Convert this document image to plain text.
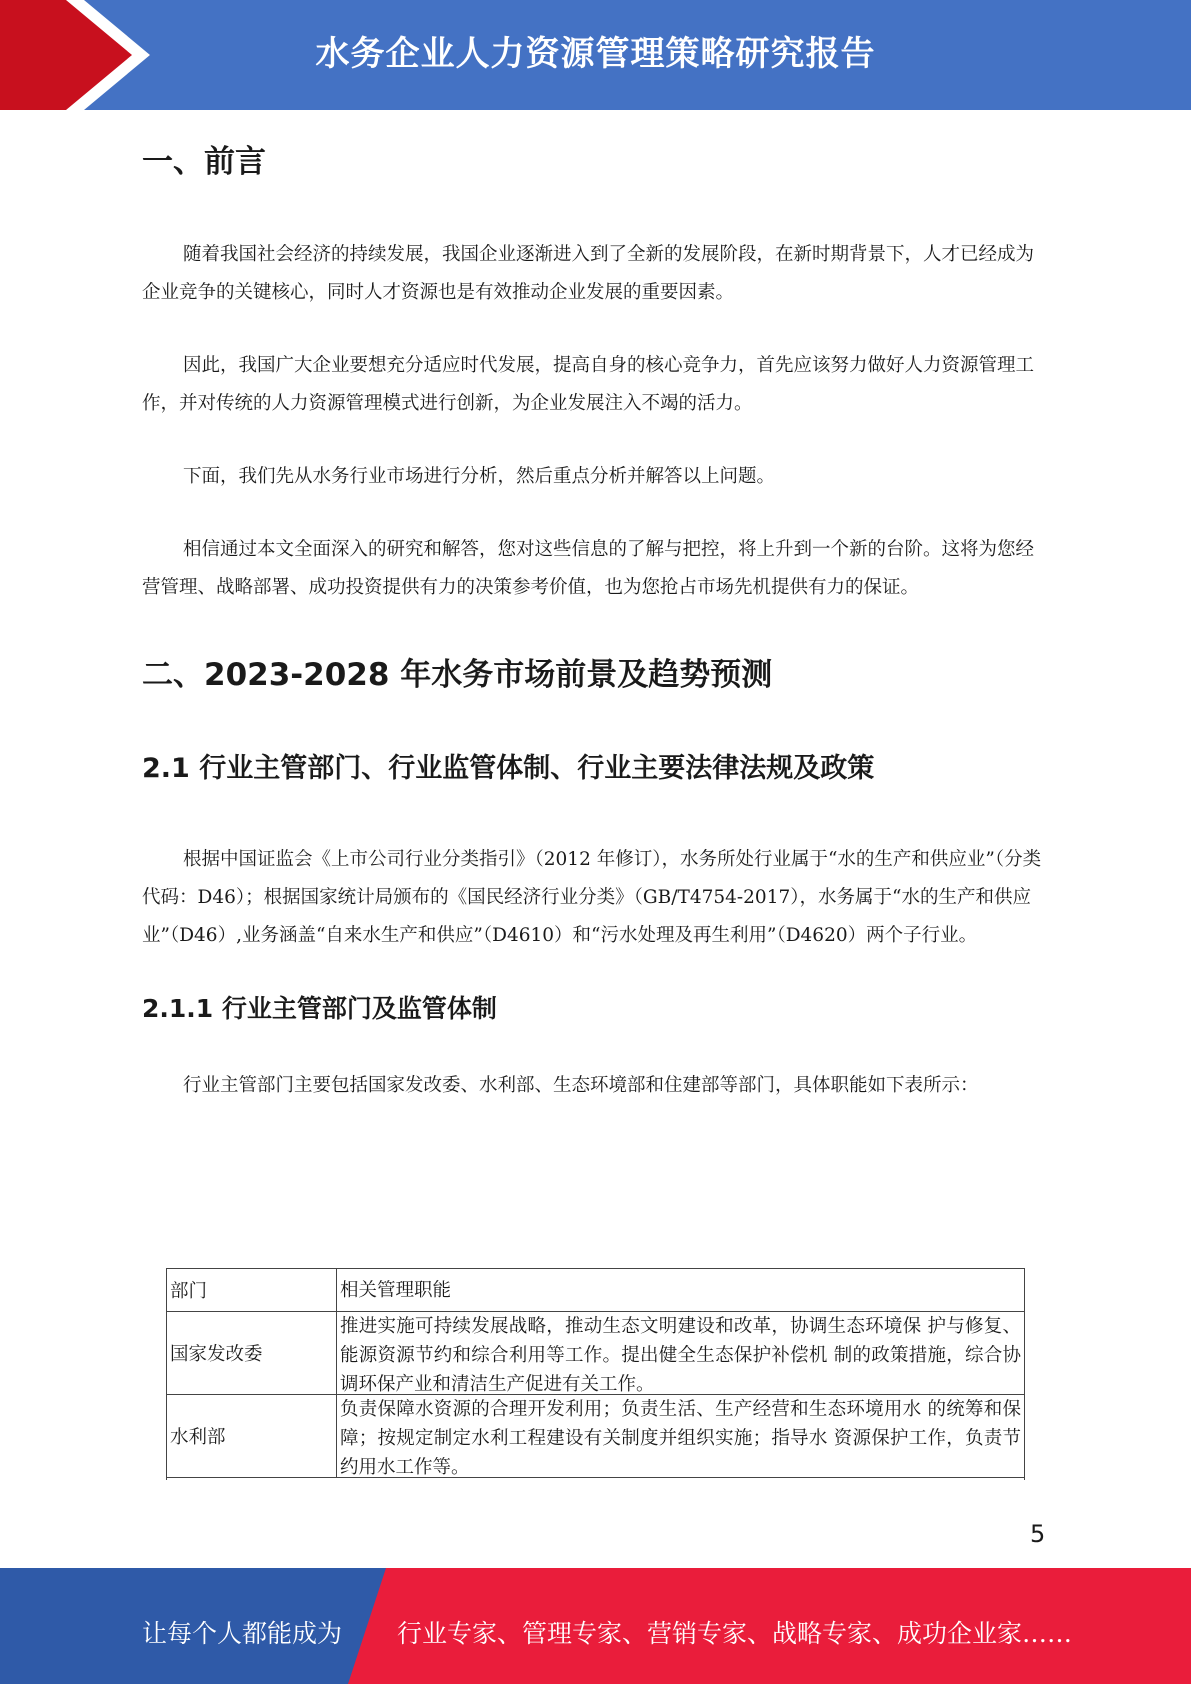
水务企业人力资源管理策略研究报告
一、前言

随着我国社会经济的持续发展，我国企业逐渐进入到了全新的发展阶段，在新时期背景下，人才已经成为企业竞争的关键核心，同时人才资源也是有效推动企业发展的重要因素。

因此，我国广大企业要想充分适应时代发展，提高自身的核心竞争力，首先应该努力做好人力资源管理工作，并对传统的人力资源管理模式进行创新，为企业发展注入不竭的活力。

下面，我们先从水务行业市场进行分析，然后重点分析并解答以上问题。

相信通过本文全面深入的研究和解答，您对这些信息的了解与把控，将上升到一个新的台阶。这将为您经营管理、战略部署、成功投资提供有力的决策参考价值，也为您抢占市场先机提供有力的保证。

二、2023-2028 年水务市场前景及趋势预测
2.1 行业主管部门、行业监管体制、行业主要法律法规及政策

根据中国证监会《上市公司行业分类指引》（2012 年修订），水务所处行业属于“水的生产和供应业”（分类代码：D46）；根据国家统计局颁布的《国民经济行业分类》（GB/T4754-2017），水务属于“水的生产和供应业”（D46）,业务涵盖“自来水生产和供应”（D4610）和“污水处理及再生利用”（D4620）两个子行业。

2.1.1 行业主管部门及监管体制

行业主管部门主要包括国家发改委、水利部、生态环境部和住建部等部门，具体职能如下表所示：

部门	相关管理职能
国家发改委
推进实施可持续发展战略，推动生态文明建设和改革，协调生态环境保 护与修复、能源资源节约和综合利用等工作。提出健全生态保护补偿机 制的政策措施，综合协调环保产业和清洁生产促进有关工作。
水利部
负责保障水资源的合理开发利用；负责生活、生产经营和生态环境用水 的统筹和保障；按规定制定水利工程建设有关制度并组织实施；指导水 资源保护工作，负责节约用水工作等。
5
让每个人都能成为 行业专家、管理专家、营销专家、战略专家、成功企业家……
